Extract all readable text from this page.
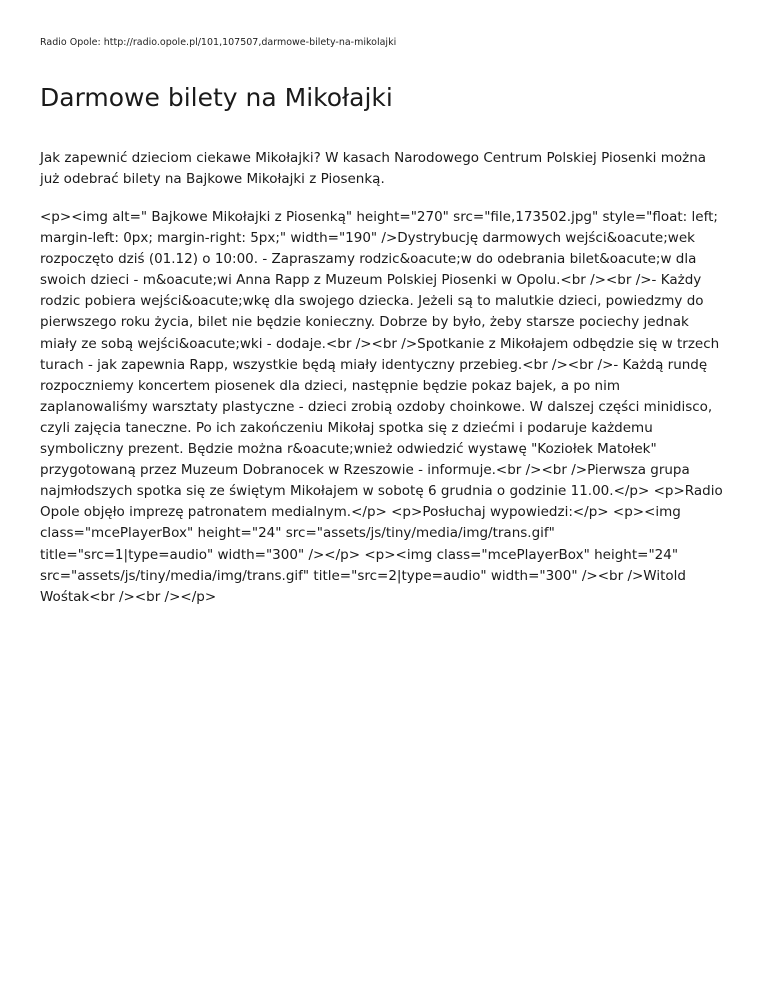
Radio Opole: http://radio.opole.pl/101,107507,darmowe-bilety-na-mikolajki
Darmowe bilety na Mikołajki

Jak zapewnić dzieciom ciekawe Mikołajki? W kasach Narodowego Centrum Polskiej Piosenki można już odebrać bilety na Bajkowe Mikołajki z Piosenką.

<p><img alt=" Bajkowe Mikołajki z Piosenką" height="270" src="file,173502.jpg" style="float: left; margin-left: 0px; margin-right: 5px;" width="190" />Dystrybucję darmowych wejści&oacute;wek rozpoczęto dziś (01.12) o 10:00. - Zapraszamy rodzic&oacute;w do odebrania bilet&oacute;w dla swoich dzieci - m&oacute;wi Anna Rapp z Muzeum Polskiej Piosenki w Opolu.<br /><br />- Każdy rodzic pobiera wejści&oacute;wkę dla swojego dziecka. Jeżeli są to malutkie dzieci, powiedzmy do pierwszego roku życia, bilet nie będzie konieczny. Dobrze by było, żeby starsze pociechy jednak miały ze sobą wejści&oacute;wki - dodaje.<br /><br />Spotkanie z Mikołajem odbędzie się w trzech turach - jak zapewnia Rapp, wszystkie będą miały identyczny przebieg.<br /><br />- Każdą rundę rozpoczniemy koncertem piosenek dla dzieci, następnie będzie pokaz bajek, a po nim zaplanowaliśmy warsztaty plastyczne - dzieci zrobią ozdoby choinkowe. W dalszej części minidisco, czyli zajęcia taneczne. Po ich zakończeniu Mikołaj spotka się z dziećmi i podaruje każdemu symboliczny prezent. Będzie można r&oacute;wnież odwiedzić wystawę "Koziołek Matołek" przygotowaną przez Muzeum Dobranocek w Rzeszowie - informuje.<br /><br />Pierwsza grupa najmłodszych spotka się ze świętym Mikołajem w sobotę 6 grudnia o godzinie 11.00.</p> <p>Radio Opole objęło imprezę patronatem medialnym.</p> <p>Posłuchaj wypowiedzi:</p> <p><img class="mcePlayerBox" height="24" src="assets/js/tiny/media/img/trans.gif" title="src=1|type=audio" width="300" /></p> <p><img class="mcePlayerBox" height="24" src="assets/js/tiny/media/img/trans.gif" title="src=2|type=audio" width="300" /><br />Witold Wośtak<br /><br /></p>
